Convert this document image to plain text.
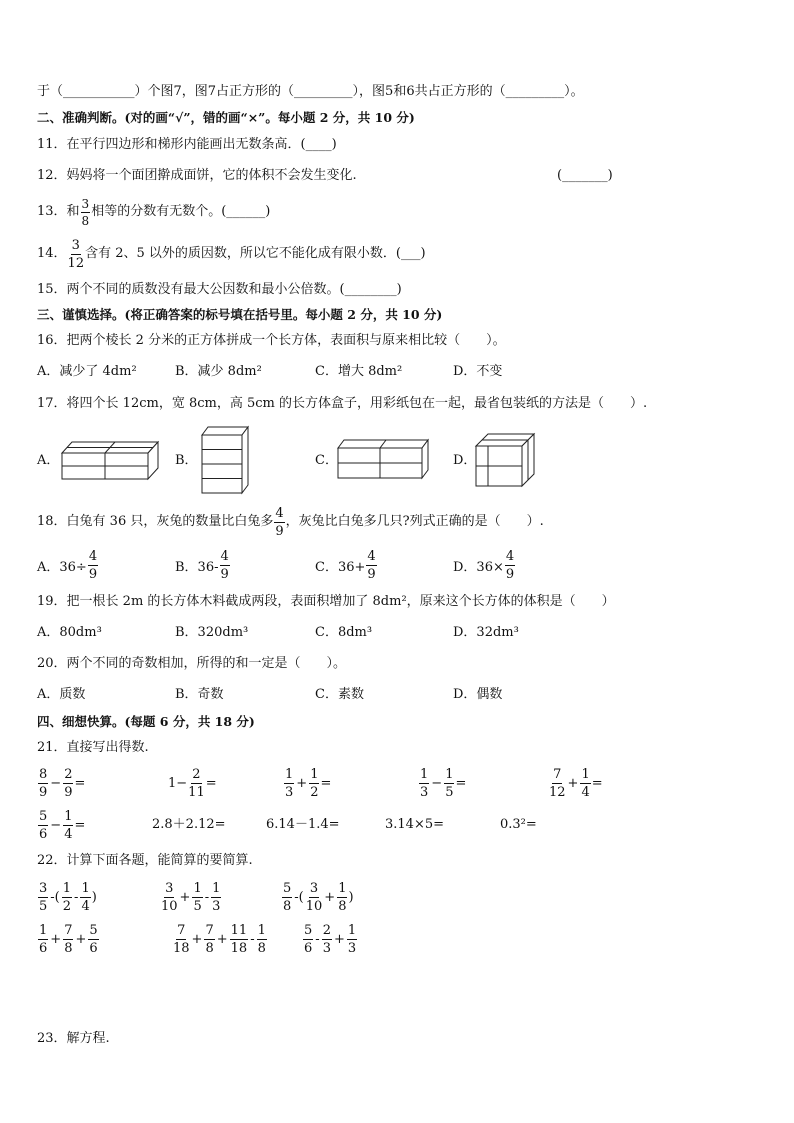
于（___________）个图7，图7占正方形的（_________），图5和6共占正方形的（_________）。
二、准确判断。(对的画“√”，错的画“×”。每小题 2 分，共 10 分)
11．在平行四边形和梯形内能画出无数条高．(____)
12．妈妈将一个面团擀成面饼，它的体积不会发生变化.	(_______)
13．和 $\frac{3}{8}$ 相等的分数有无数个。(______)
14． $\frac{3}{12}$ 含有 2、5 以外的质因数，所以它不能化成有限小数．(___)
15．两个不同的质数没有最大公因数和最小公倍数。(________)
三、谨慎选择。(将正确答案的标号填在括号里。每小题 2 分，共 10 分)
16．把两个棱长 2 分米的正方体拼成一个长方体，表面积与原来相比较（　　）。
A．减少了 4dm²	B．减少 8dm²	C．增大 8dm²	D．不变
17．将四个长 12cm，宽 8cm，高 5cm 的长方体盒子，用彩纸包在一起，最省包装纸的方法是（　　）.
A．	B．	C．	D．
18．白兔有 36 只，灰兔的数量比白兔多 $\frac{4}{9}$ ，灰兔比白兔多几只?列式正确的是（　　）.
A．$36\div \frac{4}{9}$	B．$36- \frac{4}{9}$	C．$36+ \frac{4}{9}$	D．$36\times \frac{4}{9}$
19．把一根长 2m 的长方体木料截成两段，表面积增加了 8dm²，原来这个长方体的体积是（　　）
A．80dm³	B．320dm³	C．8dm³	D．32dm³
20．两个不同的奇数相加，所得的和一定是（　　）。
A．质数	B．奇数	C．素数	D．偶数
四、细想快算。(每题 6 分，共 18 分)
21．直接写出得数.
$\frac{8}{9} - \frac{2}{9}$ =	$1- \frac{2}{11}$ =	$\frac{1}{3} + \frac{1}{2}$ =	$\frac{1}{3} - \frac{1}{5}$ =	$\frac{7}{12} + \frac{1}{4}$ =
$\frac{5}{6} - \frac{1}{4}$ =	2.8＋2.12=	6.14－1.4=	3.14×5=	0.3²=
22．计算下面各题，能简算的要简算.
$\frac{3}{5}$ -( $\frac{1}{2} - \frac{1}{4}$ )	$\frac{3}{10} + \frac{1}{5} - \frac{1}{3}$	$\frac{5}{8}$ -( $\frac{3}{10} + \frac{1}{8}$ )
$\frac{1}{6} + \frac{7}{8} + \frac{5}{6}$	$\frac{7}{18} + \frac{7}{8} + \frac{11}{18} - \frac{1}{8}$	$\frac{5}{6} - \frac{2}{3} + \frac{1}{3}$
23．解方程.
